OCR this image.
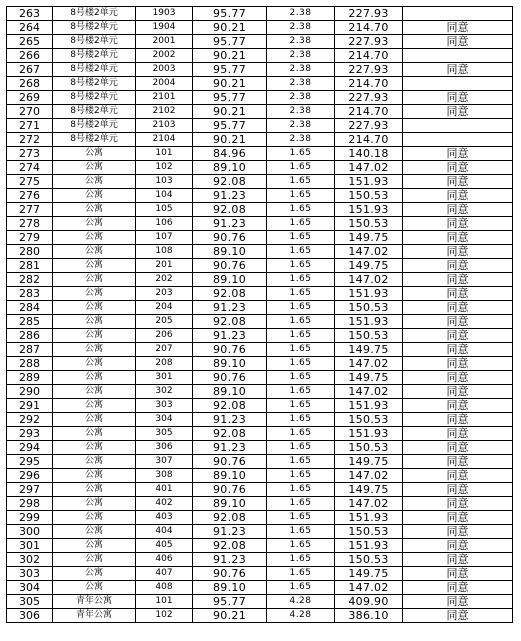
263	8号楼2单元	1903	95.77	2.38	227.93	
264	8号楼2单元	1904	90.21	2.38	214.70	同意
265	8号楼2单元	2001	95.77	2.38	227.93	同意
266	8号楼2单元	2002	90.21	2.38	214.70	
267	8号楼2单元	2003	95.77	2.38	227.93	同意
268	8号楼2单元	2004	90.21	2.38	214.70	
269	8号楼2单元	2101	95.77	2.38	227.93	同意
270	8号楼2单元	2102	90.21	2.38	214.70	同意
271	8号楼2单元	2103	95.77	2.38	227.93	
272	8号楼2单元	2104	90.21	2.38	214.70	
273	公寓	101	84.96	1.65	140.18	同意
274	公寓	102	89.10	1.65	147.02	同意
275	公寓	103	92.08	1.65	151.93	同意
276	公寓	104	91.23	1.65	150.53	同意
277	公寓	105	92.08	1.65	151.93	同意
278	公寓	106	91.23	1.65	150.53	同意
279	公寓	107	90.76	1.65	149.75	同意
280	公寓	108	89.10	1.65	147.02	同意
281	公寓	201	90.76	1.65	149.75	同意
282	公寓	202	89.10	1.65	147.02	同意
283	公寓	203	92.08	1.65	151.93	同意
284	公寓	204	91.23	1.65	150.53	同意
285	公寓	205	92.08	1.65	151.93	同意
286	公寓	206	91.23	1.65	150.53	同意
287	公寓	207	90.76	1.65	149.75	同意
288	公寓	208	89.10	1.65	147.02	同意
289	公寓	301	90.76	1.65	149.75	同意
290	公寓	302	89.10	1.65	147.02	同意
291	公寓	303	92.08	1.65	151.93	同意
292	公寓	304	91.23	1.65	150.53	同意
293	公寓	305	92.08	1.65	151.93	同意
294	公寓	306	91.23	1.65	150.53	同意
295	公寓	307	90.76	1.65	149.75	同意
296	公寓	308	89.10	1.65	147.02	同意
297	公寓	401	90.76	1.65	149.75	同意
298	公寓	402	89.10	1.65	147.02	同意
299	公寓	403	92.08	1.65	151.93	同意
300	公寓	404	91.23	1.65	150.53	同意
301	公寓	405	92.08	1.65	151.93	同意
302	公寓	406	91.23	1.65	150.53	同意
303	公寓	407	90.76	1.65	149.75	同意
304	公寓	408	89.10	1.65	147.02	同意
305	青年公寓	101	95.77	4.28	409.90	同意
306	青年公寓	102	90.21	4.28	386.10	同意
